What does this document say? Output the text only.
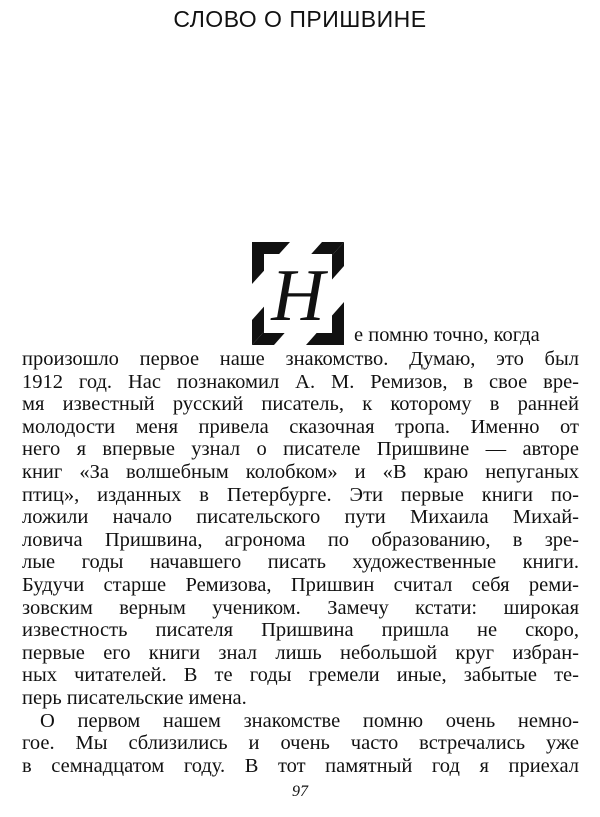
СЛОВО О ПРИШВИНЕ
Н е помню точно, когда
произошло первое наше знакомство. Думаю, это был
1912 год. Нас познакомил А. М. Ремизов, в свое вре-
мя известный русский писатель, к которому в ранней
молодости меня привела сказочная тропа. Именно от
него я впервые узнал о писателе Пришвине — авторе
книг «За волшебным колобком» и «В краю непуганых
птиц», изданных в Петербурге. Эти первые книги по-
ложили начало писательского пути Михаила Михай-
ловича Пришвина, агронома по образованию, в зре-
лые годы начавшего писать художественные книги.
Будучи старше Ремизова, Пришвин считал себя реми-
зовским верным учеником. Замечу кстати: широкая
известность писателя Пришвина пришла не скоро,
первые его книги знал лишь небольшой круг избран-
ных читателей. В те годы гремели иные, забытые те-
перь писательские имена.
О первом нашем знакомстве помню очень немно-
гое. Мы сблизились и очень часто встречались уже
в семнадцатом году. В тот памятный год я приехал
97
